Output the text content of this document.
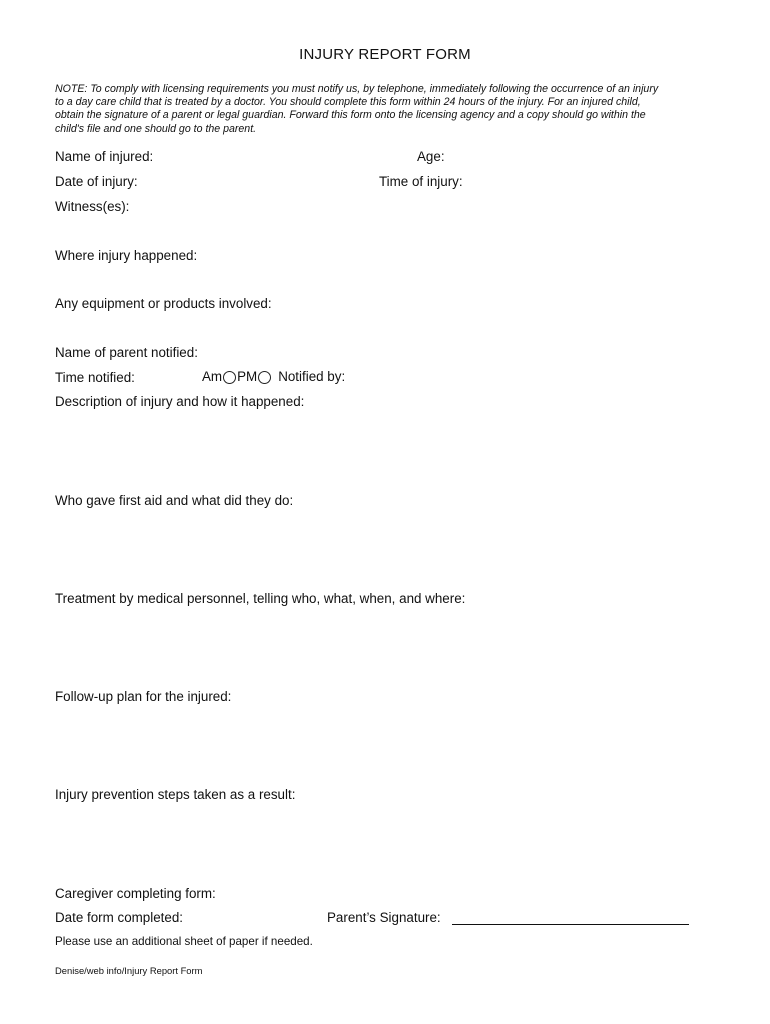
INJURY REPORT FORM
NOTE: To comply with licensing requirements you must notify us, by telephone, immediately following the occurrence of an injury
to a day care child that is treated by a doctor. You should complete this form within 24 hours of the injury. For an injured child,
obtain the signature of a parent or legal guardian. Forward this form onto the licensing agency and a copy should go within the
child's file and one should go to the parent.
Name of injured:	Age:
Date of injury:	Time of injury:
Witness(es):
Where injury happened:
Any equipment or products involved:
Name of parent notified:
Time notified:	Am PM Notified by:
Description of injury and how it happened:
Who gave first aid and what did they do:
Treatment by medical personnel, telling who, what, when, and where:
Follow-up plan for the injured:
Injury prevention steps taken as a result:
Caregiver completing form:
Date form completed:	Parent’s Signature:
Please use an additional sheet of paper if needed.
Denise/web info/Injury Report Form
